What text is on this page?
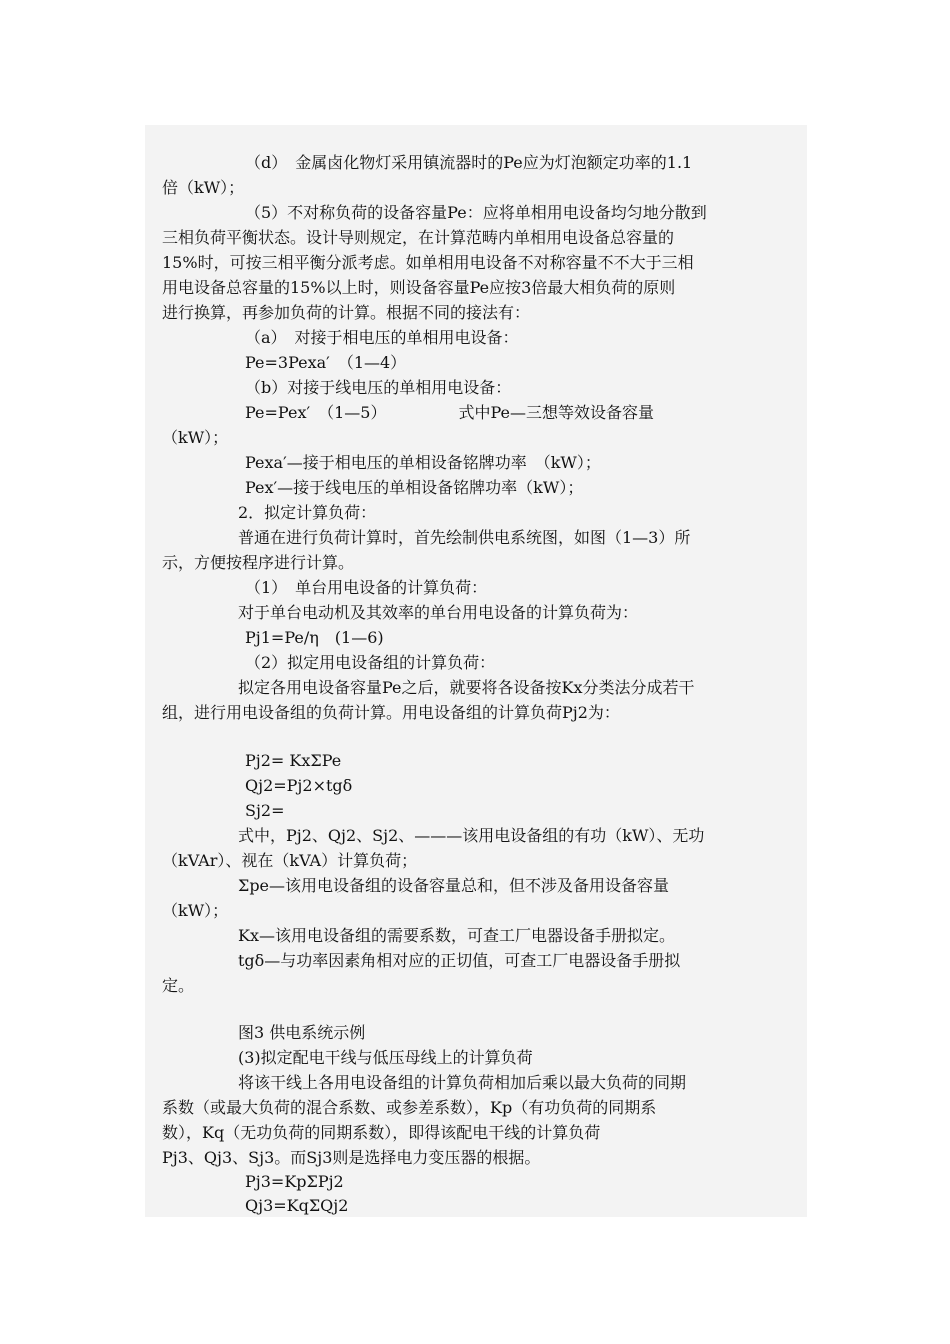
（d）　金属卤化物灯采用镇流器时的Pe应为灯泡额定功率的1.1
倍（kW）；
（5）不对称负荷的设备容量Pe：应将单相用电设备均匀地分散到
三相负荷平衡状态。设计导则规定，在计算范畴内单相用电设备总容量的
15%时，可按三相平衡分派考虑。如单相用电设备不对称容量不不大于三相
用电设备总容量的15%以上时，则设备容量Pe应按3倍最大相负荷的原则
进行换算，再参加负荷的计算。根据不同的接法有：
（a）　对接于相电压的单相用电设备：
Pe=3Pexa′　（1—4）
（b）对接于线电压的单相用电设备：
Pe=Pex′　（1—5）　　　　　式中Pe—三想等效设备容量
（kW）；
Pexa′—接于相电压的单相设备铭牌功率　（kW）；
Pex′—接于线电压的单相设备铭牌功率（kW）；
2．拟定计算负荷：
普通在进行负荷计算时，首先绘制供电系统图，如图（1—3）所
示，方便按程序进行计算。
（1）　单台用电设备的计算负荷：
对于单台电动机及其效率的单台用电设备的计算负荷为：
Pj1=Pe/η　(1—6)
（2）拟定用电设备组的计算负荷：
拟定各用电设备容量Pe之后，就要将各设备按Kx分类法分成若干
组，进行用电设备组的负荷计算。用电设备组的计算负荷Pj2为：
Pj2= KxΣPe
Qj2=Pj2×tgδ
Sj2=
式中，Pj2、Qj2、Sj2、———该用电设备组的有功（kW）、无功
（kVAr）、视在（kVA）计算负荷；
Σpe—该用电设备组的设备容量总和，但不涉及备用设备容量
（kW）；
Kx—该用电设备组的需要系数，可查工厂电器设备手册拟定。
tgδ—与功率因素角相对应的正切值，可查工厂电器设备手册拟
定。
图3 供电系统示例
(3)拟定配电干线与低压母线上的计算负荷
将该干线上各用电设备组的计算负荷相加后乘以最大负荷的同期
系数（或最大负荷的混合系数、或参差系数），Kp（有功负荷的同期系
数），Kq（无功负荷的同期系数），即得该配电干线的计算负荷
Pj3、Qj3、Sj3。而Sj3则是选择电力变压器的根据。
Pj3=KpΣPj2
Qj3=KqΣQj2
